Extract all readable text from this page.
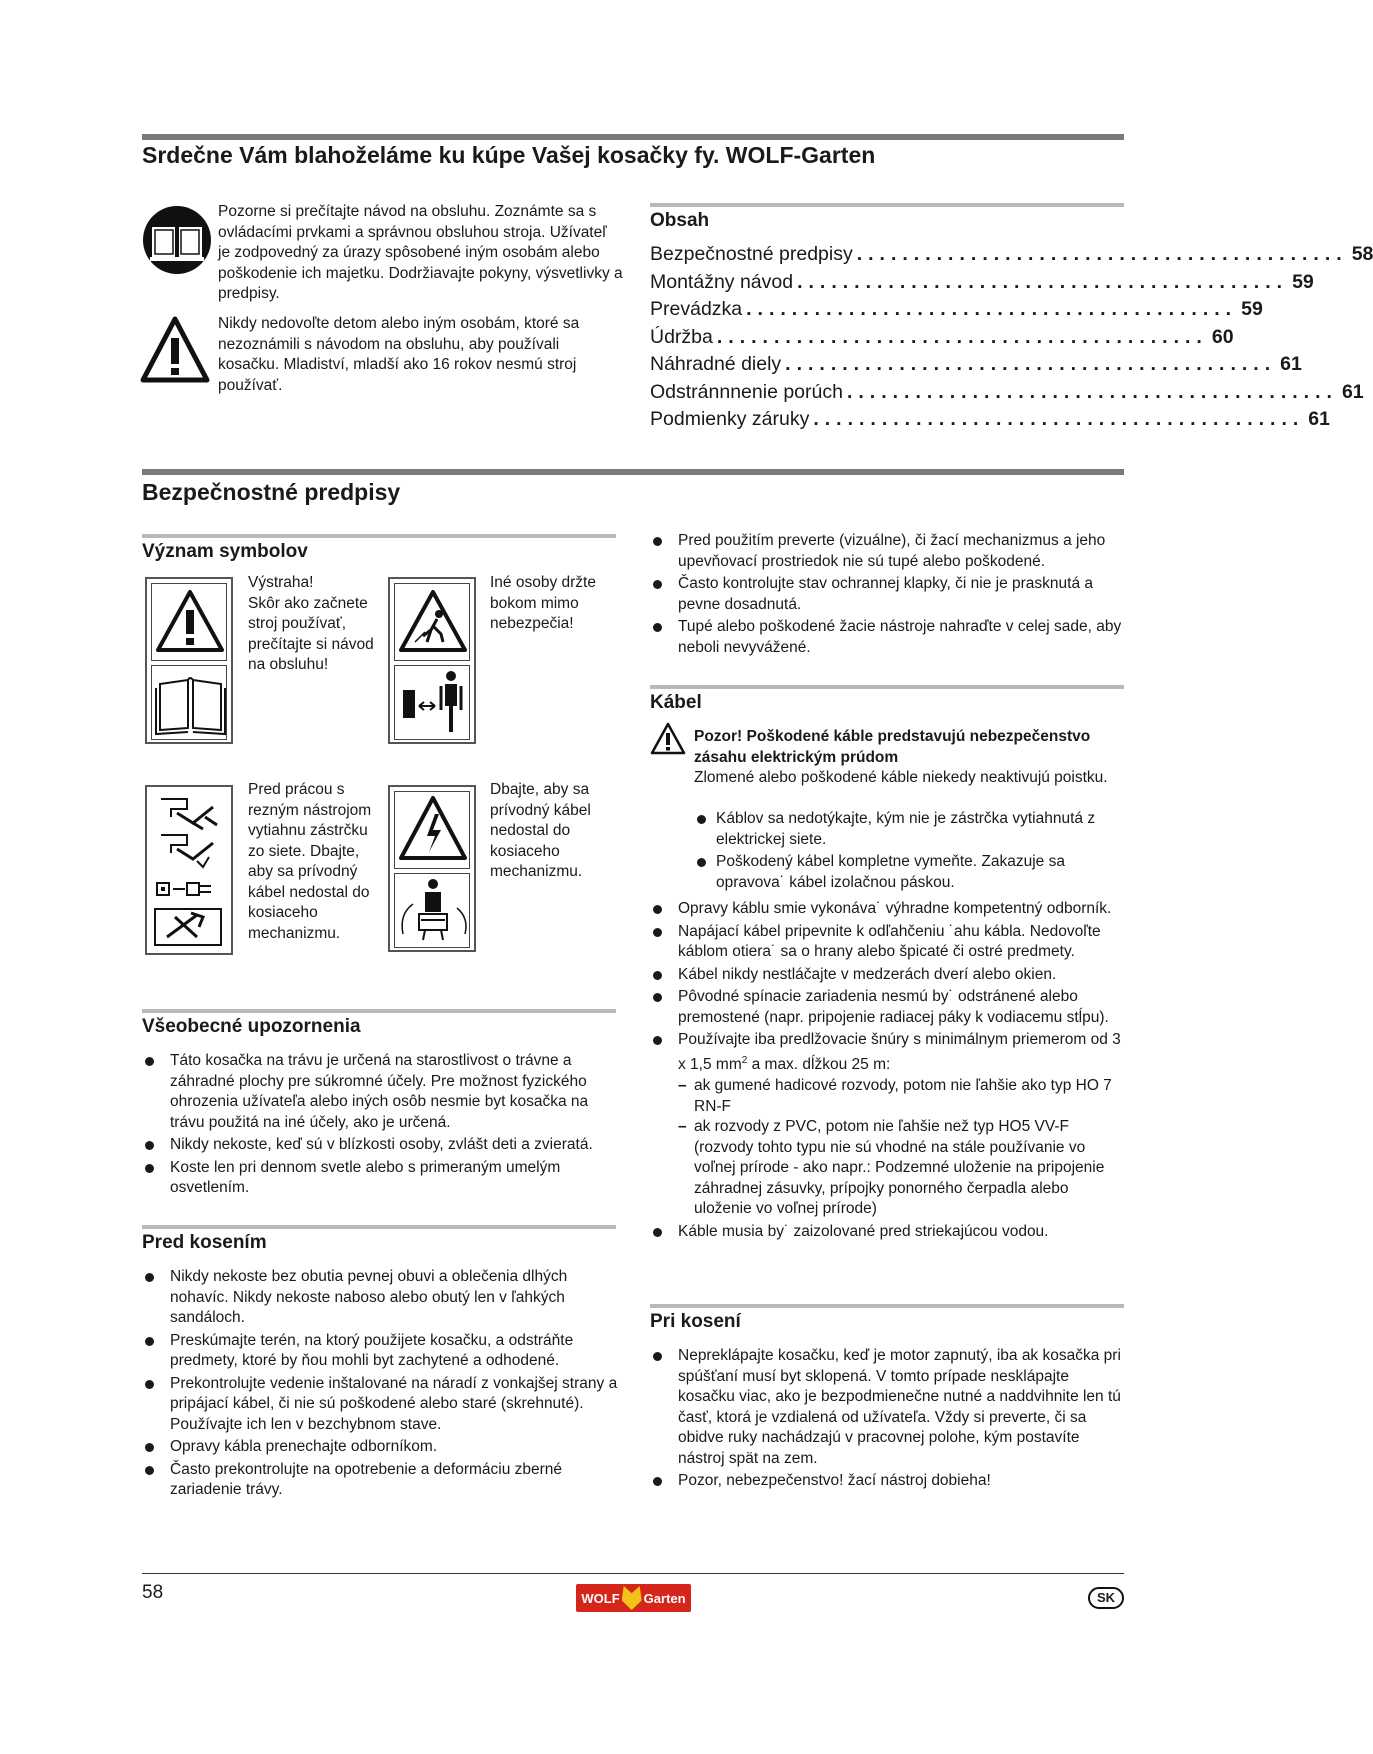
Srdečne Vám blahoželáme ku kúpe Vašej kosačky fy. WOLF-Garten
Pozorne si prečítajte návod na obsluhu. Zoznámte sa s ovládacími prvkami a správnou obsluhou stroja. Užívateľ je zodpovedný za úrazy spôsobené iným osobám alebo poškodenie ich majetku. Dodržiavajte pokyny, výsvetlivky a predpisy.
Nikdy nedovoľte detom alebo iným osobám, ktoré sa nezoznámili s návodom na obsluhu, aby používali kosačku. Mladiství, mladší ako 16 rokov nesmú stroj používať.
Obsah
Bezpečnostné predpisy ........................................... 58
Montážny návod ........................................... 59
Prevádzka ........................................... 59
Údržba ........................................... 60
Náhradné diely ........................................... 61
Odstránnnenie porúch ........................................... 61
Podmienky záruky ........................................... 61
Bezpečnostné predpisy
Význam symbolov
Výstraha!
Skôr ako začnete stroj používať, prečítajte si návod na obsluhu!
Iné osoby držte bokom mimo nebezpečia!
Pred prácou s rezným nástrojom vytiahnu zástrčku zo siete. Dbajte, aby sa prívodný kábel nedostal do kosiaceho mechanizmu.
Dbajte, aby sa prívodný kábel nedostal do kosiaceho mechanizmu.
Všeobecné upozornenia
Táto kosačka na trávu je určená na starostlivost o trávne a záhradné plochy pre súkromné účely. Pre možnost fyzického ohrozenia užívateľa alebo iných osôb nesmie byt kosačka na trávu použitá na iné účely, ako je určená.
Nikdy nekoste, keď sú v blízkosti osoby, zvlášt deti a zvieratá.
Koste len pri dennom svetle alebo s primeraným umelým osvetlením.
Pred kosením
Nikdy nekoste bez obutia pevnej obuvi a oblečenia dlhých nohavíc. Nikdy nekoste naboso alebo obutý len v ľahkých sandáloch.
Preskúmajte terén, na ktorý použijete kosačku, a odstráňte predmety, ktoré by ňou mohli byt zachytené a odhodené.
Prekontrolujte vedenie inštalované na náradí z vonkajšej strany a pripájací kábel, či nie sú poškodené alebo staré (skrehnuté). Používajte ich len v bezchybnom stave.
Opravy kábla prenechajte odborníkom.
Často prekontrolujte na opotrebenie a deformáciu zberné zariadenie trávy.
Pred použitím preverte (vizuálne), či žací mechanizmus a jeho upevňovací prostriedok nie sú tupé alebo poškodené.
Často kontrolujte stav ochrannej klapky, či nie je prasknutá a pevne dosadnutá.
Tupé alebo poškodené žacie nástroje nahraďte v celej sade, aby neboli nevyvážené.
Kábel
Pozor! Poškodené káble predstavujú nebezpečenstvo zásahu elektrickým prúdom
Zlomené alebo poškodené káble niekedy neaktivujú poistku.
Káblov sa nedotýkajte, kým nie je zástrčka vytiahnutá z elektrickej siete.
Poškodený kábel kompletne vymeňte. Zakazuje sa opravova˙ kábel izolačnou páskou.
Opravy káblu smie vykonáva˙ výhradne kompetentný odborník.
Napájací kábel pripevnite k odľahčeniu ˙ahu kábla. Nedovoľte káblom otiera˙ sa o hrany alebo špicaté či ostré predmety.
Kábel nikdy nestláčajte v medzerách dverí alebo okien.
Pôvodné spínacie zariadenia nesmú by˙ odstránené alebo premostené (napr. pripojenie radiacej páky k vodiacemu stĺpu).
Používajte iba predlžovacie šnúry s minimálnym priemerom od 3 x 1,5 $mm^2$ a max. dĺžkou 25 m:
– ak gumené hadicové rozvody, potom nie ľahšie ako typ HO 7 RN-F
– ak rozvody z PVC, potom nie ľahšie než typ HO5 VV-F (rozvody tohto typu nie sú vhodné na stále používanie vo voľnej prírode - ako napr.: Podzemné uloženie na pripojenie záhradnej zásuvky, prípojky ponorného čerpadla alebo uloženie vo voľnej prírode)
Káble musia by˙ zaizolované pred striekajúcou vodou.
Pri kosení
Nepreklápajte kosačku, keď je motor zapnutý, iba ak kosačka pri spúšťaní musí byt sklopená. V tomto prípade nesklápajte kosačku viac, ako je bezpodmienečne nutné a naddvihnite len tú časť, ktorá je vzdialená od užívateľa. Vždy si preverte, či sa obidve ruky nachádzajú v pracovnej polohe, kým postavíte nástroj spät na zem.
Pozor, nebezpečenstvo! žací nástroj dobieha!
58	WOLF Garten	SK
